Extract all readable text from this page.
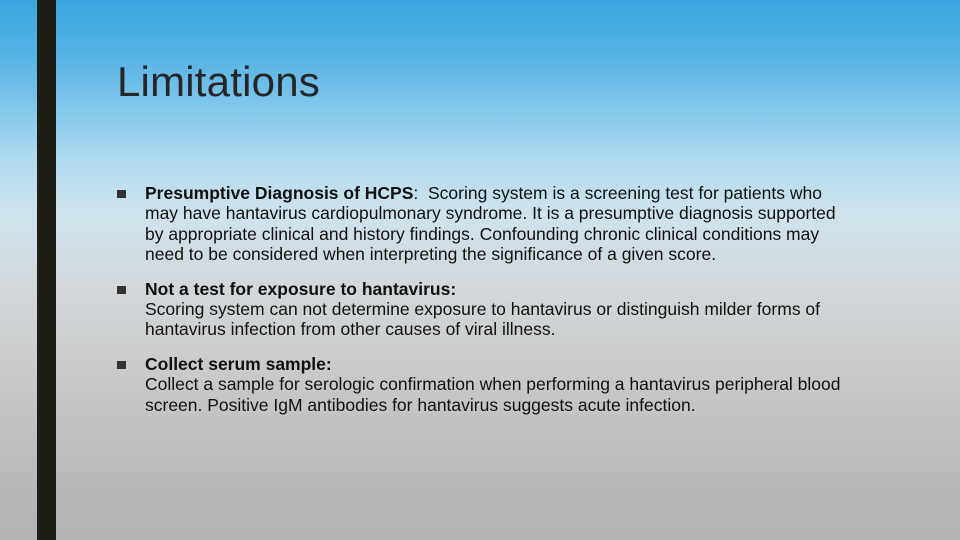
Limitations
Presumptive Diagnosis of HCPS:  Scoring system is a screening test for patients who may have hantavirus cardiopulmonary syndrome. It is a presumptive diagnosis supported by appropriate clinical and history findings. Confounding chronic clinical conditions may need to be considered when interpreting the significance of a given score.
Not a test for exposure to hantavirus:
Scoring system can not determine exposure to hantavirus or distinguish milder forms of hantavirus infection from other causes of viral illness.
Collect serum sample:
Collect a sample for serologic confirmation when performing a hantavirus peripheral blood screen. Positive IgM antibodies for hantavirus suggests acute infection.
